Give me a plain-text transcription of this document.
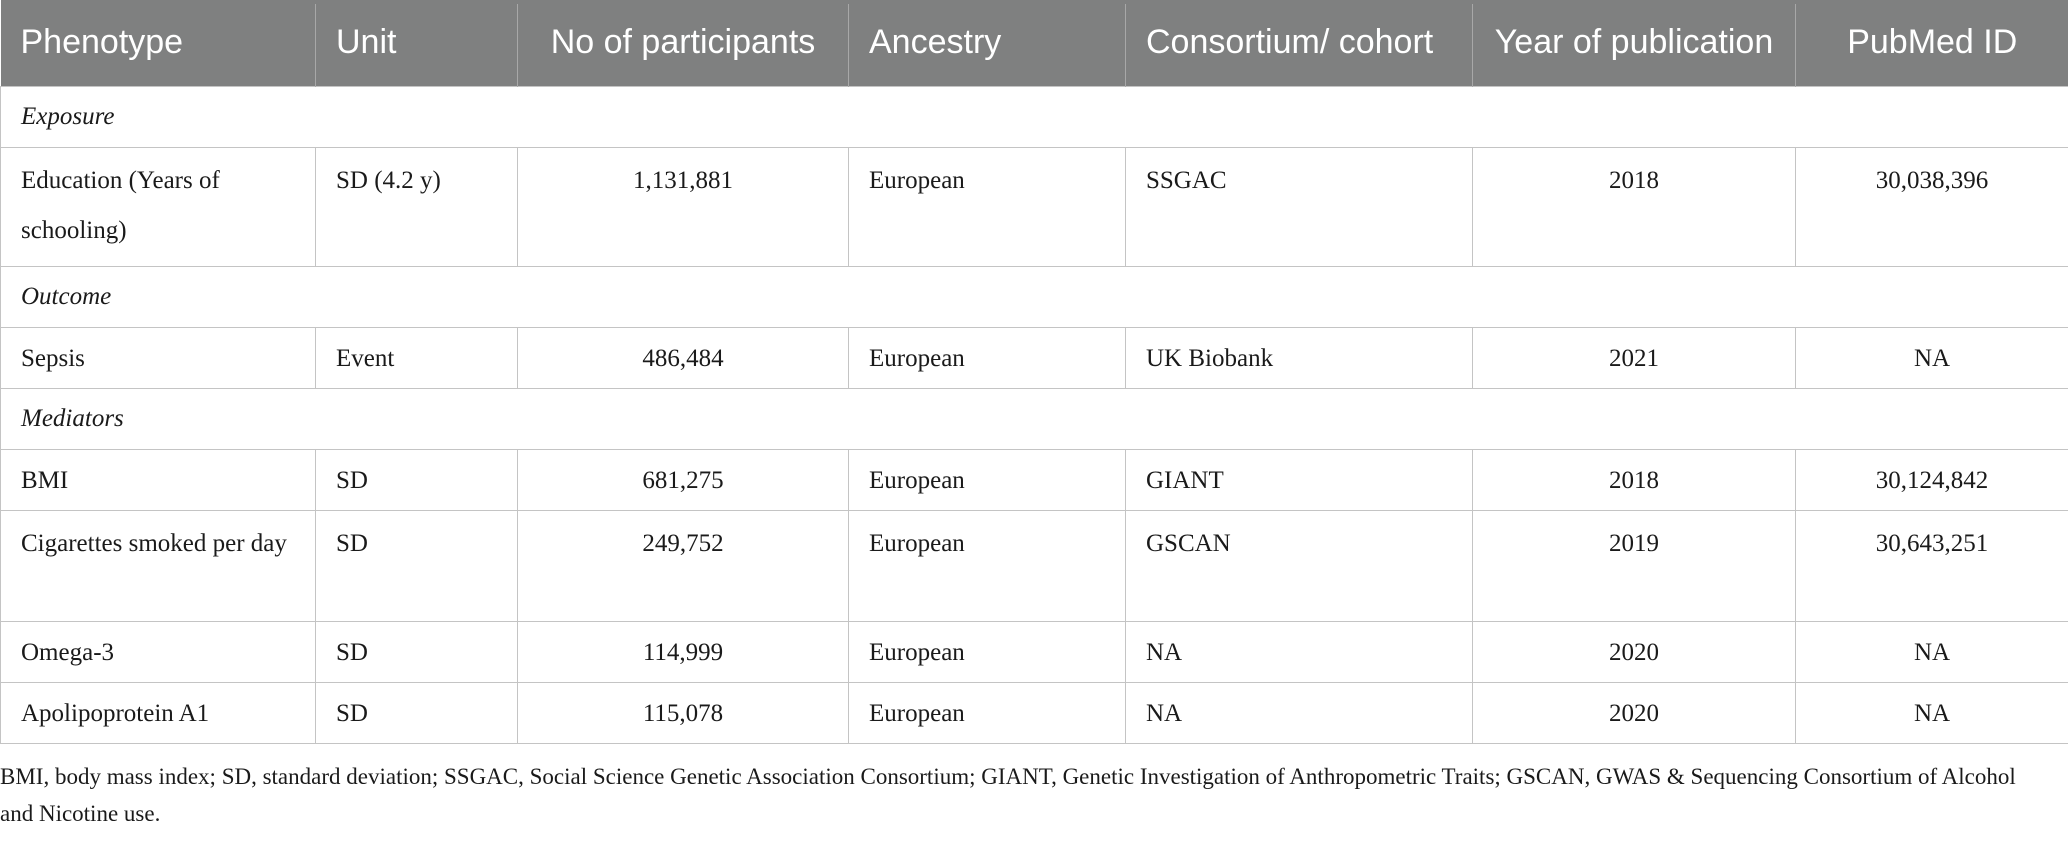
Phenotype	Unit	No of participants	Ancestry	Consortium/ cohort	Year of publication	PubMed ID
Exposure						
Education (Years of schooling)	SD (4.2 y)	1,131,881	European	SSGAC	2018	30,038,396
Outcome						
Sepsis	Event	486,484	European	UK Biobank	2021	NA
Mediators						
BMI	SD	681,275	European	GIANT	2018	30,124,842
Cigarettes smoked per day	SD	249,752	European	GSCAN	2019	30,643,251
Omega-3	SD	114,999	European	NA	2020	NA
Apolipoprotein A1	SD	115,078	European	NA	2020	NA
BMI, body mass index; SD, standard deviation; SSGAC, Social Science Genetic Association Consortium; GIANT, Genetic Investigation of Anthropometric Traits; GSCAN, GWAS & Sequencing Consortium of Alcohol and Nicotine use.
